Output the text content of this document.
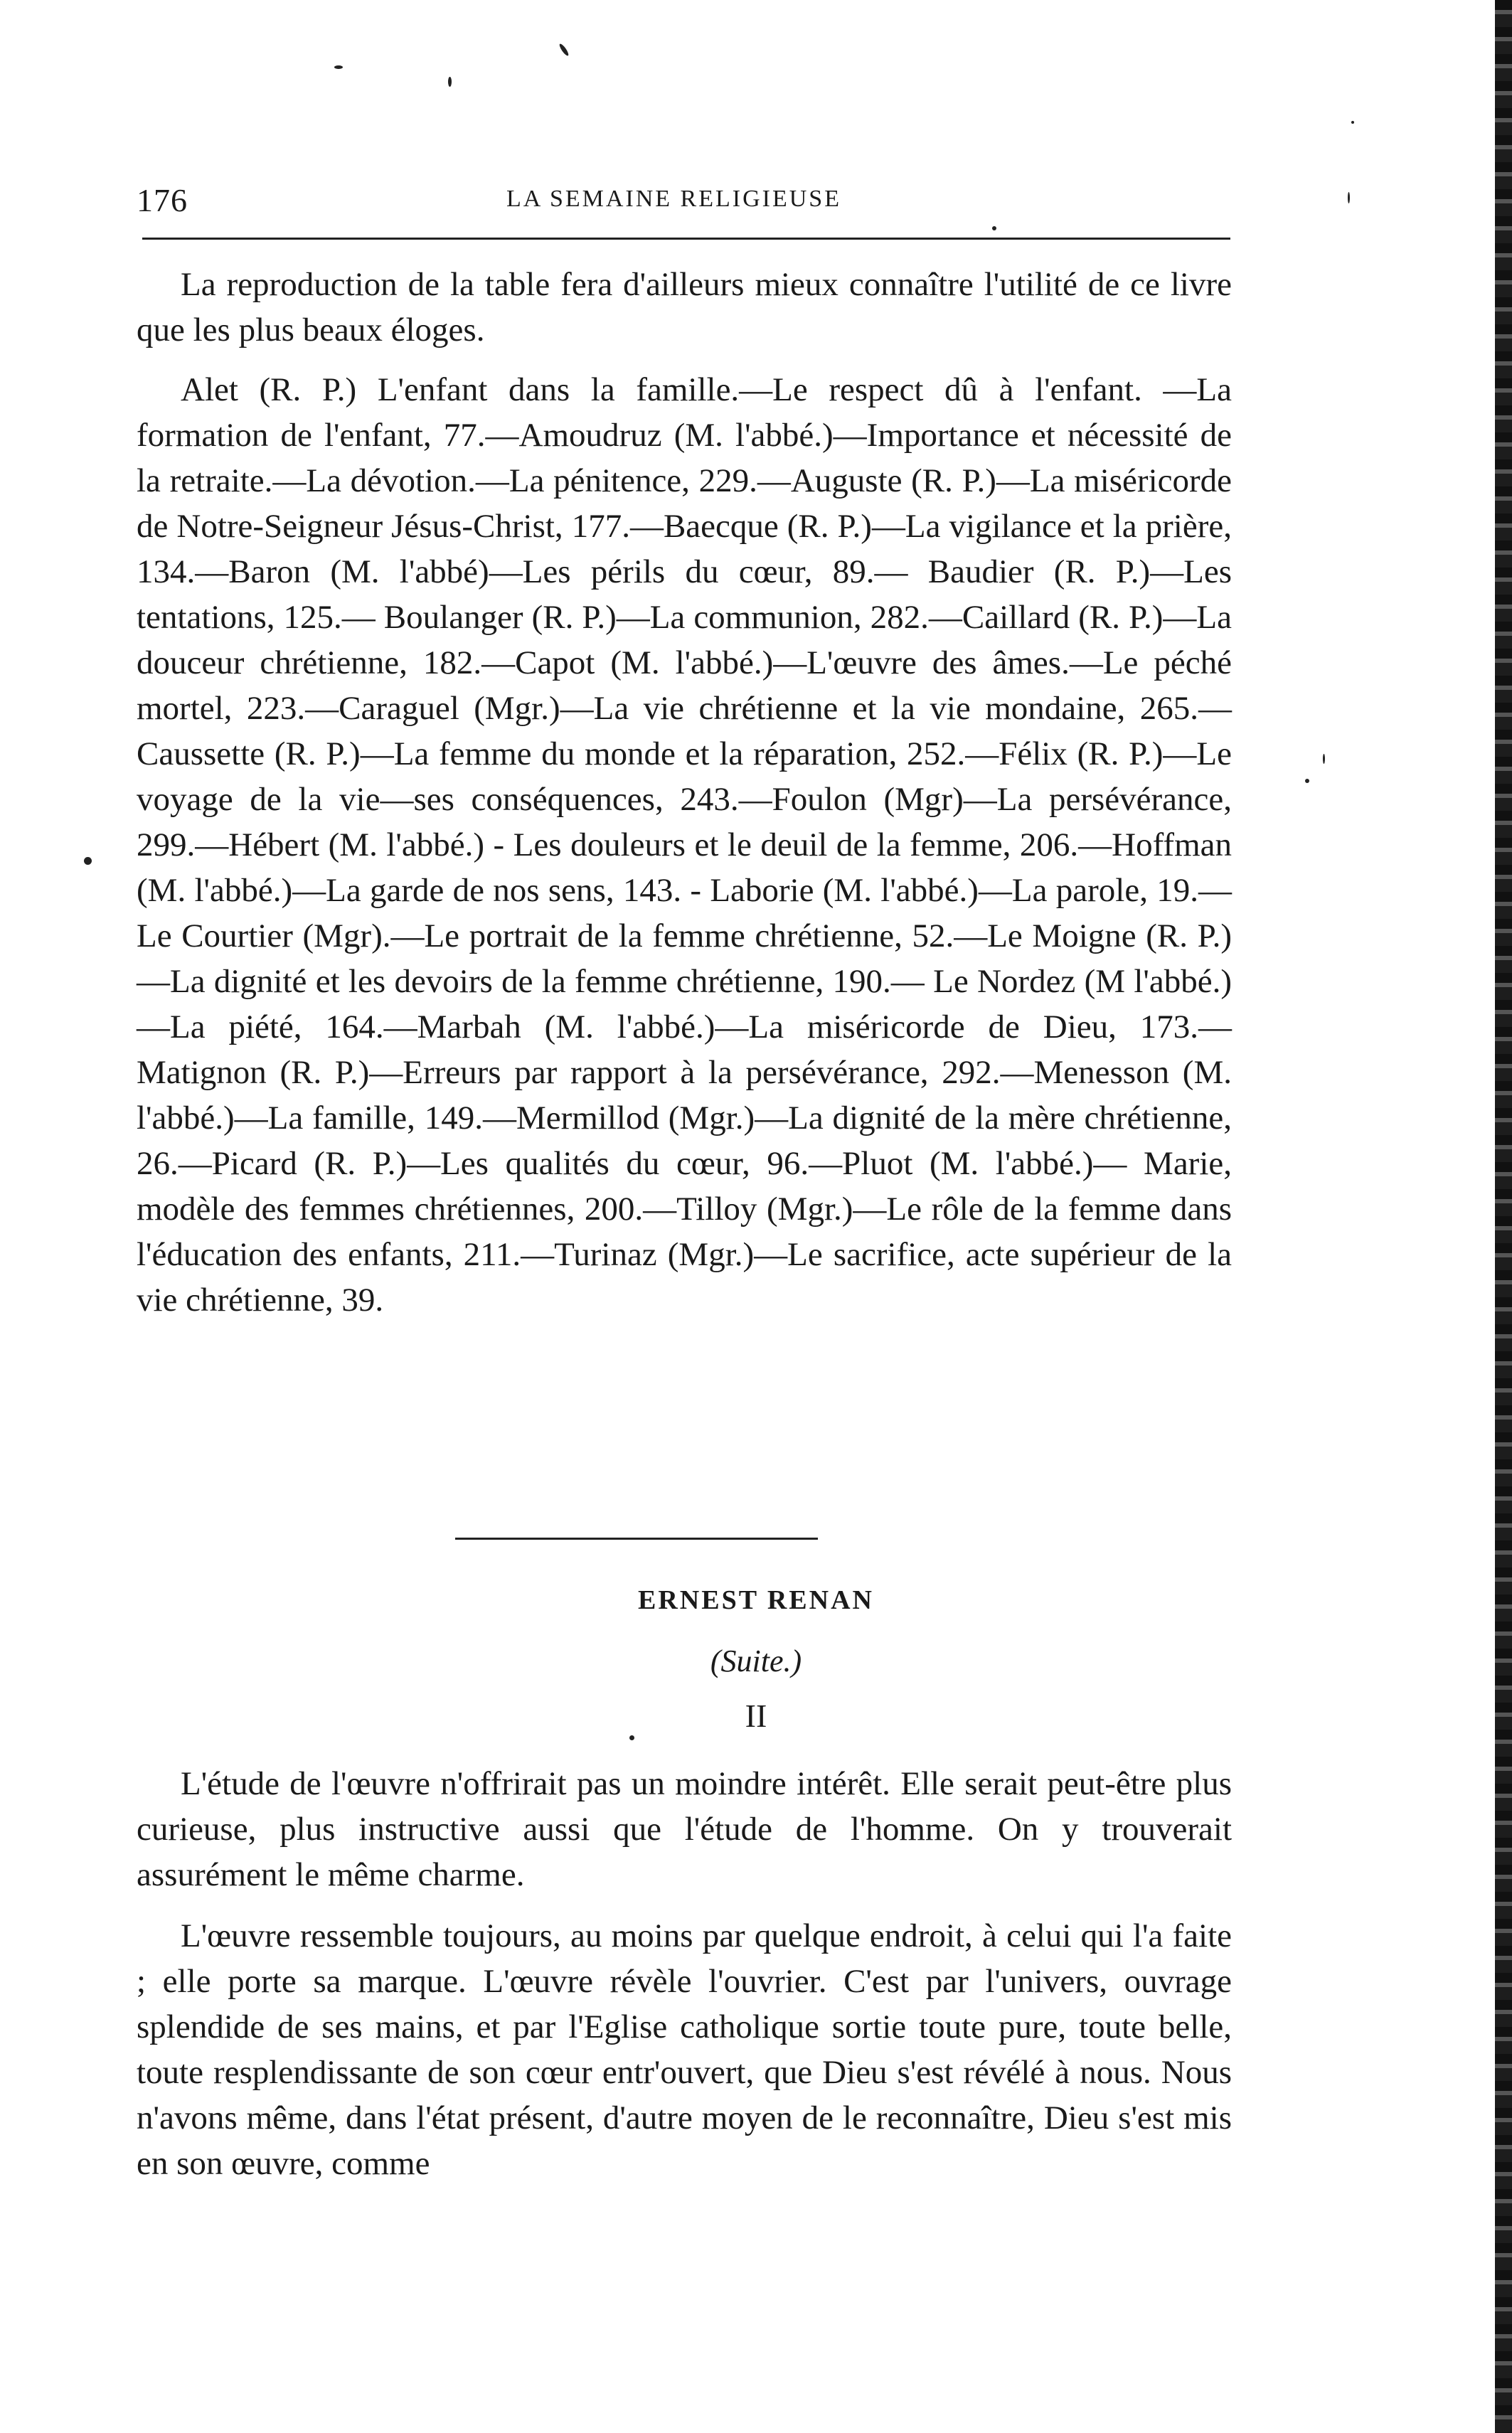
176	LA SEMAINE RELIGIEUSE

La reproduction de la table fera d'ailleurs mieux connaître l'utilité de ce livre que les plus beaux éloges.

Alet (R. P.) L'enfant dans la famille.—Le respect dû à l'enfant. —La formation de l'enfant, 77.—Amoudruz (M. l'abbé.)—Importance et nécessité de la retraite.—La dévotion.—La pénitence, 229.—Auguste (R. P.)—La miséricorde de Notre-Seigneur Jésus-Christ, 177.—Baecque (R. P.)—La vigilance et la prière, 134.—Baron (M. l'abbé)—Les périls du cœur, 89.— Baudier (R. P.)—Les tentations, 125.— Boulanger (R. P.)—La communion, 282.—Caillard (R. P.)—La douceur chrétienne, 182.—Capot (M. l'abbé.)—L'œuvre des âmes.—Le péché mortel, 223.—Caraguel (Mgr.)—La vie chrétienne et la vie mondaine, 265.—Caussette (R. P.)—La femme du monde et la réparation, 252.—Félix (R. P.)—Le voyage de la vie—ses conséquences, 243.—Foulon (Mgr)—La persévérance, 299.—Hébert (M. l'abbé.) - Les douleurs et le deuil de la femme, 206.—Hoffman (M. l'abbé.)—La garde de nos sens, 143. - Laborie (M. l'abbé.)—La parole, 19.—Le Courtier (Mgr).—Le portrait de la femme chrétienne, 52.—Le Moigne (R. P.)—La dignité et les devoirs de la femme chrétienne, 190.— Le Nordez (M l'abbé.)—La piété, 164.—Marbah (M. l'abbé.)—La miséricorde de Dieu, 173.—Matignon (R. P.)—Erreurs par rapport à la persévérance, 292.—Menesson (M. l'abbé.)—La famille, 149.—Mermillod (Mgr.)—La dignité de la mère chrétienne, 26.—Picard (R. P.)—Les qualités du cœur, 96.—Pluot (M. l'abbé.)— Marie, modèle des femmes chrétiennes, 200.—Tilloy (Mgr.)—Le rôle de la femme dans l'éducation des enfants, 211.—Turinaz (Mgr.)—Le sacrifice, acte supérieur de la vie chrétienne, 39.

ERNEST RENAN
(Suite.)
II

L'étude de l'œuvre n'offrirait pas un moindre intérêt. Elle serait peut-être plus curieuse, plus instructive aussi que l'étude de l'homme. On y trouverait assurément le même charme.

L'œuvre ressemble toujours, au moins par quelque endroit, à celui qui l'a faite ; elle porte sa marque. L'œuvre révèle l'ouvrier. C'est par l'univers, ouvrage splendide de ses mains, et par l'Eglise catholique sortie toute pure, toute belle, toute resplendissante de son cœur entr'ouvert, que Dieu s'est révélé à nous. Nous n'avons même, dans l'état présent, d'autre moyen de le reconnaître, Dieu s'est mis en son œuvre, comme
